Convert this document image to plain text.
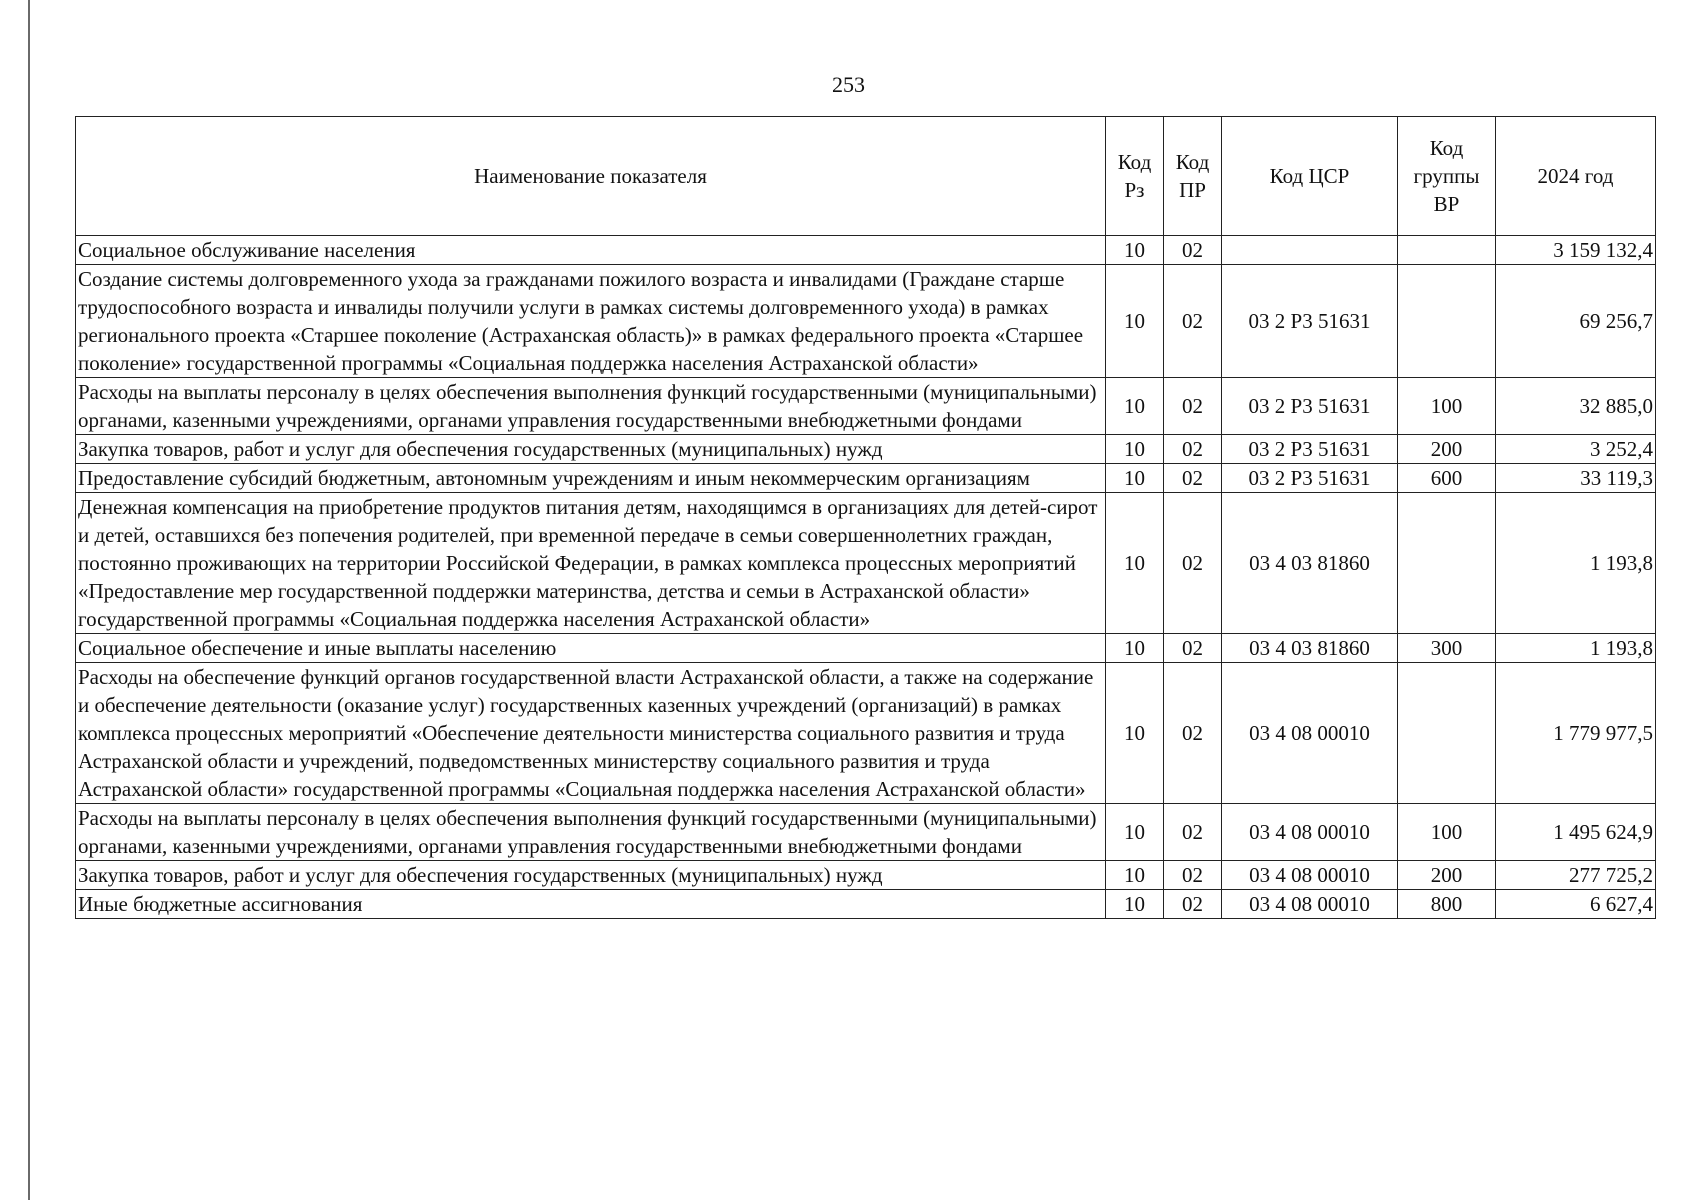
253
Наименование показателя	Код Рз	Код ПР	Код ЦСР	Код группы ВР	2024 год
Социальное обслуживание населения	10	02			3 159 132,4
Создание системы долговременного ухода за гражданами пожилого возраста и инвалидами (Граждане старше трудоспособного возраста и инвалиды получили услуги в рамках системы долговременного ухода) в рамках регионального проекта «Старшее поколение (Астраханская область)» в рамках федерального проекта «Старшее поколение» государственной программы «Социальная поддержка населения Астраханской области»	10	02	03 2 Р3 51631		69 256,7
Расходы на выплаты персоналу в целях обеспечения выполнения функций государственными (муниципальными) органами, казенными учреждениями, органами управления государственными внебюджетными фондами	10	02	03 2 Р3 51631	100	32 885,0
Закупка товаров, работ и услуг для обеспечения государственных (муниципальных) нужд	10	02	03 2 Р3 51631	200	3 252,4
Предоставление субсидий бюджетным, автономным учреждениям и иным некоммерческим организациям	10	02	03 2 Р3 51631	600	33 119,3
Денежная компенсация на приобретение продуктов питания детям, находящимся в организациях для детей-сирот и детей, оставшихся без попечения родителей, при временной передаче в семьи совершеннолетних граждан, постоянно проживающих на территории Российской Федерации, в рамках комплекса процессных мероприятий «Предоставление мер государственной поддержки материнства, детства и семьи в Астраханской области» государственной программы «Социальная поддержка населения Астраханской области»	10	02	03 4 03 81860		1 193,8
Социальное обеспечение и иные выплаты населению	10	02	03 4 03 81860	300	1 193,8
Расходы на обеспечение функций органов государственной власти Астраханской области, а также на содержание и обеспечение деятельности (оказание услуг) государственных казенных учреждений (организаций) в рамках комплекса процессных мероприятий «Обеспечение деятельности министерства социального развития и труда Астраханской области и учреждений, подведомственных министерству социального развития и труда Астраханской области» государственной программы «Социальная поддержка населения Астраханской области»	10	02	03 4 08 00010		1 779 977,5
Расходы на выплаты персоналу в целях обеспечения выполнения функций государственными (муниципальными) органами, казенными учреждениями, органами управления государственными внебюджетными фондами	10	02	03 4 08 00010	100	1 495 624,9
Закупка товаров, работ и услуг для обеспечения государственных (муниципальных) нужд	10	02	03 4 08 00010	200	277 725,2
Иные бюджетные ассигнования	10	02	03 4 08 00010	800	6 627,4
